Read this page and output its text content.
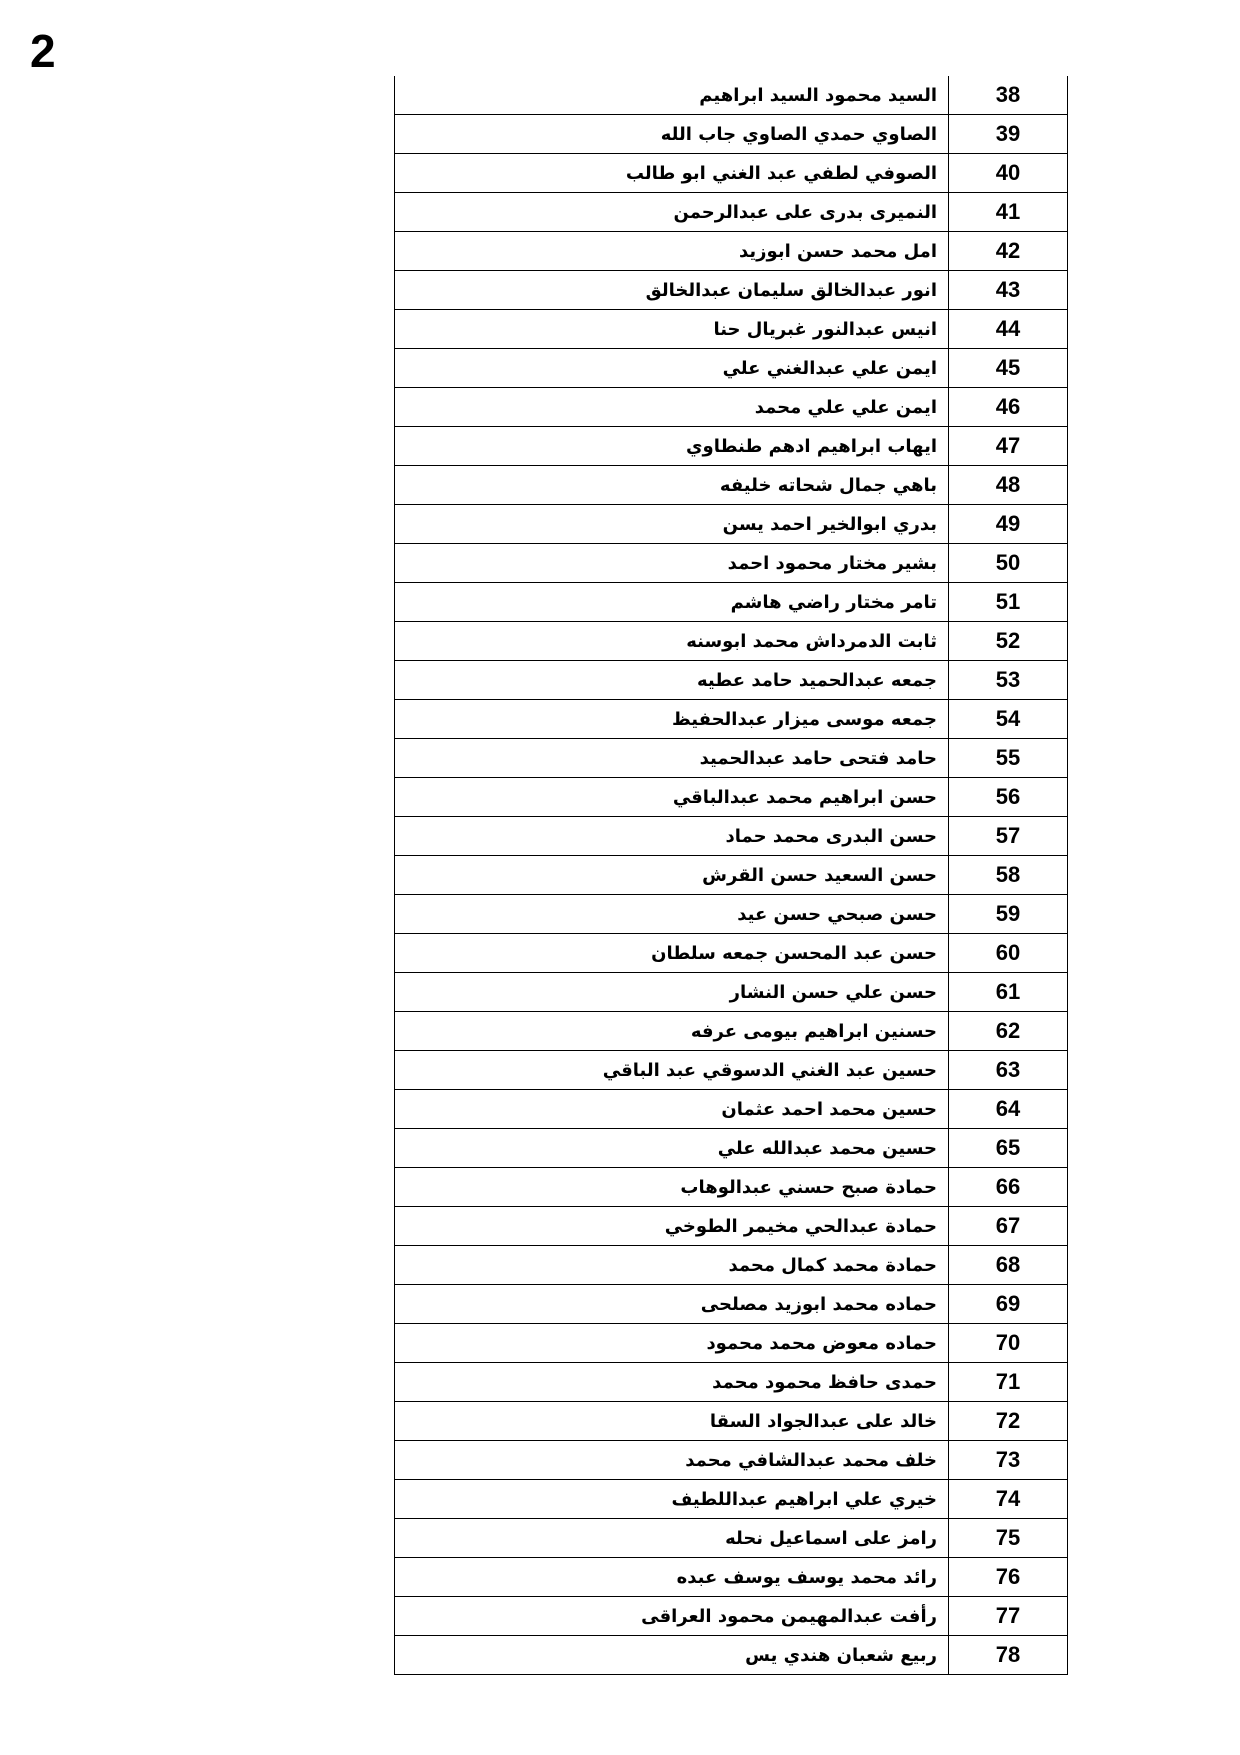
2
38	السيد محمود السيد ابراهيم
39	الصاوي حمدي الصاوي جاب الله
40	الصوفي لطفي عبد الغني ابو طالب
41	النميرى بدرى على عبدالرحمن
42	امل محمد حسن ابوزيد
43	انور عبدالخالق سليمان عبدالخالق
44	انيس عبدالنور غبريال حنا
45	ايمن علي عبدالغني علي
46	ايمن علي علي محمد
47	ايهاب ابراهيم ادهم طنطاوي
48	باهي جمال شحاته خليفه
49	بدري ابوالخير احمد يسن
50	بشير مختار محمود احمد
51	تامر مختار راضي هاشم
52	ثابت الدمرداش محمد ابوسنه
53	جمعه عبدالحميد حامد عطيه
54	جمعه موسى ميزار عبدالحفيظ
55	حامد فتحى حامد عبدالحميد
56	حسن ابراهيم محمد عبدالباقي
57	حسن البدرى محمد حماد
58	حسن السعيد حسن القرش
59	حسن صبحي حسن عيد
60	حسن عبد المحسن جمعه سلطان
61	حسن علي حسن النشار
62	حسنين ابراهيم بيومى عرفه
63	حسين عبد الغني الدسوقي عبد الباقي
64	حسين محمد احمد عثمان
65	حسين محمد عبدالله علي
66	حمادة صبح حسني عبدالوهاب
67	حمادة عبدالحي مخيمر الطوخي
68	حمادة محمد كمال محمد
69	حماده محمد ابوزيد مصلحى
70	حماده معوض محمد محمود
71	حمدى حافظ محمود محمد
72	خالد على عبدالجواد السقا
73	خلف محمد عبدالشافي محمد
74	خيري علي ابراهيم عبداللطيف
75	رامز على اسماعيل نحله
76	رائد محمد يوسف يوسف عبده
77	رأفت عبدالمهيمن محمود العراقى
78	ربيع شعبان هندي يس
